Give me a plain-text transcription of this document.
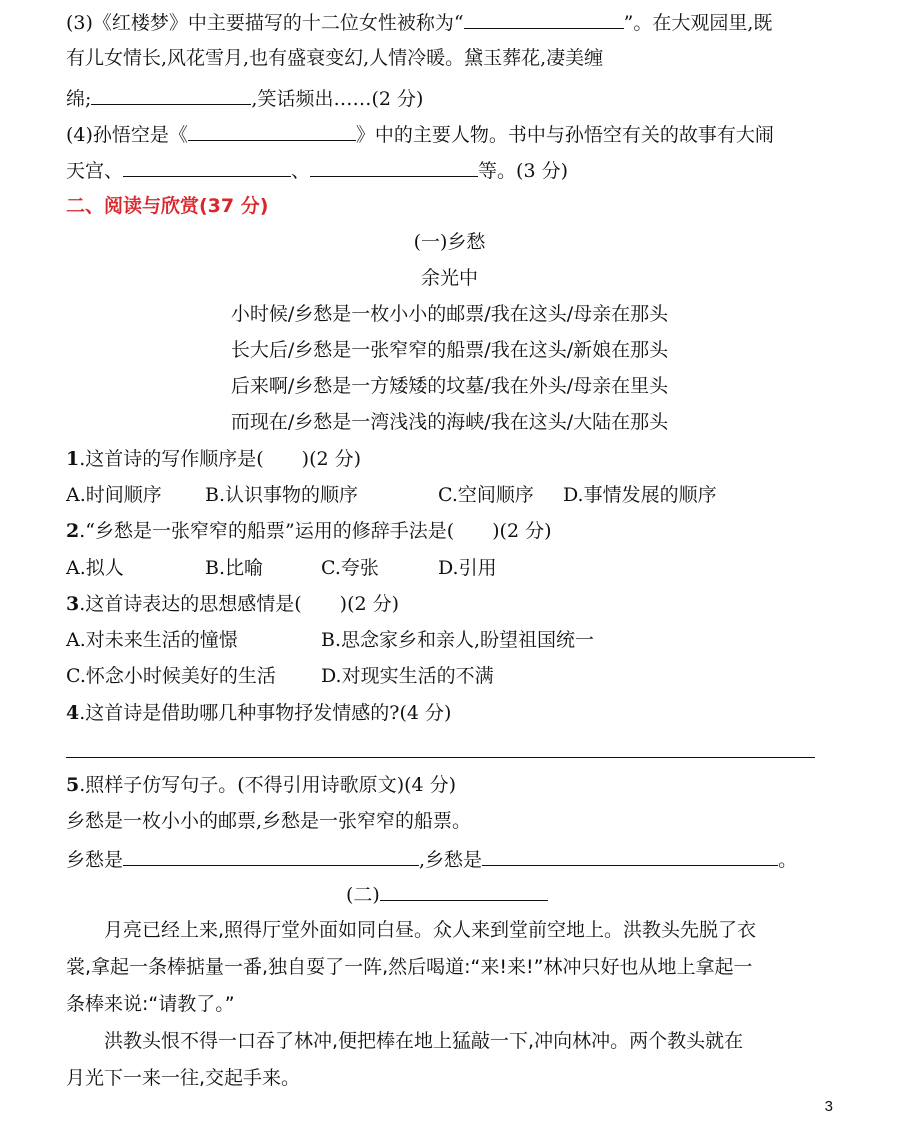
(3)《红楼梦》中主要描写的十二位女性被称为“	”。在大观园里,既
有儿女情长,风花雪月,也有盛衰变幻,人情冷暖。黛玉葬花,凄美缠
绵;	,笑话频出……(2 分)
(4)孙悟空是《	》中的主要人物。书中与孙悟空有关的故事有大闹
天宫、	、	等。(3 分)
二、阅读与欣赏(37 分)
(一)乡愁
余光中
小时候/乡愁是一枚小小的邮票/我在这头/母亲在那头
长大后/乡愁是一张窄窄的船票/我在这头/新娘在那头
后来啊/乡愁是一方矮矮的坟墓/我在外头/母亲在里头
而现在/乡愁是一湾浅浅的海峡/我在这头/大陆在那头
1.这首诗的写作顺序是(　　)(2 分)
A.时间顺序 B.认识事物的顺序	C.空间顺序 D.事情发展的顺序
2.“乡愁是一张窄窄的船票”运用的修辞手法是(　　)(2 分)
A.拟人	B.比喻	C.夸张	D.引用
3.这首诗表达的思想感情是(　　)(2 分)
A.对未来生活的憧憬	B.思念家乡和亲人,盼望祖国统一
C.怀念小时候美好的生活 D.对现实生活的不满
4.这首诗是借助哪几种事物抒发情感的?(4 分)
5.照样子仿写句子。(不得引用诗歌原文)(4 分)
乡愁是一枚小小的邮票,乡愁是一张窄窄的船票。
乡愁是	,乡愁是	。
(二)
　　月亮已经上来,照得厅堂外面如同白昼。众人来到堂前空地上。洪教头先脱了衣
裳,拿起一条棒掂量一番,独自耍了一阵,然后喝道:“来!来!”林冲只好也从地上拿起一
条棒来说:“请教了。”
　　洪教头恨不得一口吞了林冲,便把棒在地上猛敲一下,冲向林冲。两个教头就在
月光下一来一往,交起手来。
3
